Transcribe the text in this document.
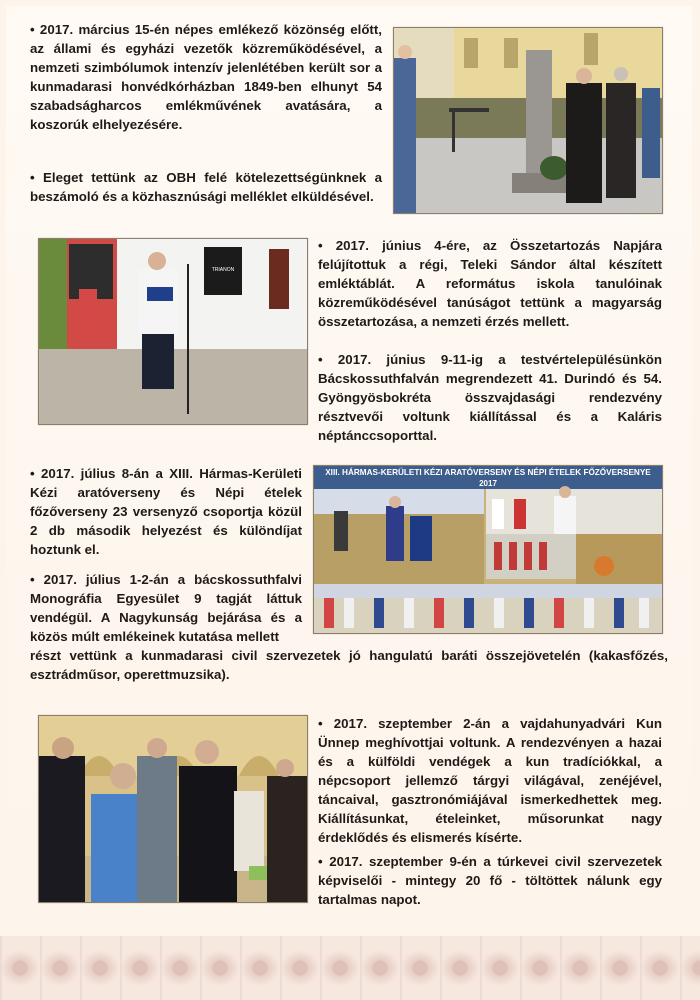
• 2017. március 15-én népes emlékező közönség előtt, az állami és egyházi vezetők közreműködésével, a nemzeti szimbólumok intenzív jelenlétében került sor a kunmadarasi honvédkórházban 1849-ben elhunyt 54 szabadságharcos emlékművének avatására, a koszorúk elhelyezésére.

• Eleget tettünk az OBH felé kötelezettségünknek a beszámoló és a közhasznúsági melléklet elküldésével.

TRIANON

• 2017. június 4-ére, az Összetartozás Napjára felújítottuk a régi, Teleki Sándor által készített emléktáblát. A református iskola tanulóinak közreműködésével tanúságot tettünk a magyarság összetartozása, a nemzeti érzés mellett.

• 2017. június 9-11-ig a testvértelepülésünkön Bácskossuthfalván megrendezett 41. Durindó és 54. Gyöngyösbokréta összvajdasági rendezvény résztvevői voltunk kiállítással és a Kaláris néptánccsoporttal.

• 2017. július 8-án a XIII. Hármas-Kerületi Kézi aratóverseny és Népi ételek főzőverseny 23 versenyző csoportja közül 2 db második helyezést és különdíjat hoztunk el.

• 2017. július 1-2-án a bácskossuthfalvi Monográfia Egyesület 9 tagját láttuk vendégül. A Nagykunság bejárása és a közös múlt emlékeinek kutatása mellett

részt vettünk a kunmadarasi civil szervezetek jó hangulatú baráti összejövetelén (kakasfőzés, esztrádműsor, operettmuzsika).

XIII. HÁRMAS-KERÜLETI KÉZI ARATÓVERSENY ÉS NÉPI ÉTELEK FŐZŐVERSENYE
2017

• 2017. szeptember 2-án a vajdahunyadvári Kun Ünnep meghívottjai voltunk. A rendezvényen a hazai és a külföldi vendégek a kun tradíciókkal, a népcsoport jellemző tárgyi világával, zenéjével, táncaival, gasztronómiájával ismerkedhettek meg. Kiállításunkat, ételeinket, műsorunkat nagy érdeklődés és elismerés kísérte.

• 2017. szeptember 9-én a túrkevei civil szervezetek képviselői - mintegy 20 fő - töltöttek nálunk egy tartalmas napot.
